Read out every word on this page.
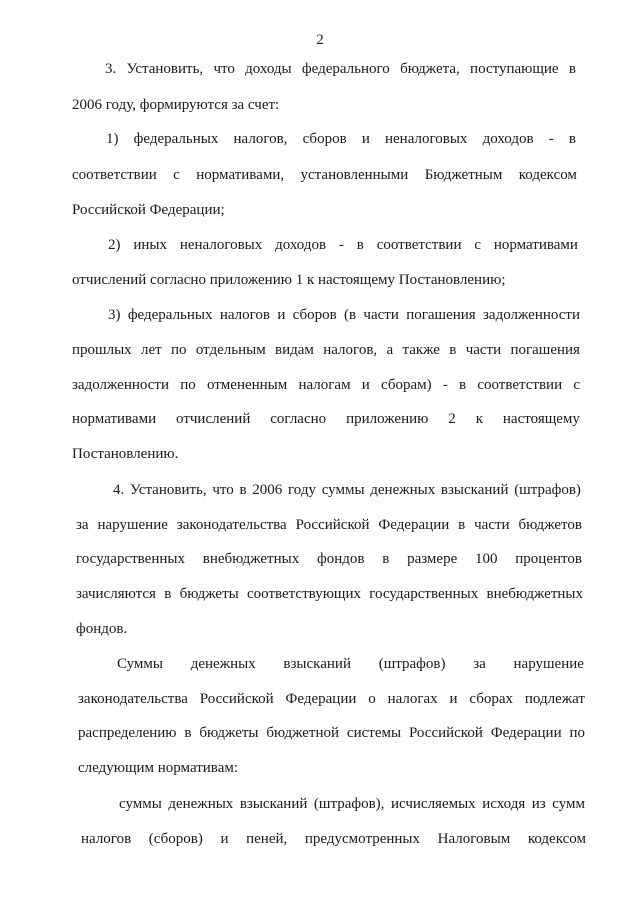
2
3. Установить, что доходы федерального бюджета, поступающие в
2006 году, формируются за счет:
1) федеральных налогов, сборов и неналоговых доходов - в
соответствии с нормативами, установленными Бюджетным кодексом
Российской Федерации;
2) иных неналоговых доходов - в соответствии с нормативами
отчислений согласно приложению 1 к настоящему Постановлению;
3) федеральных налогов и сборов (в части погашения задолженности
прошлых лет по отдельным видам налогов, а также в части погашения
задолженности по отмененным налогам и сборам) - в соответствии с
нормативами отчислений согласно приложению 2 к настоящему
Постановлению.
4. Установить, что в 2006 году суммы денежных взысканий (штрафов)
за нарушение законодательства Российской Федерации в части бюджетов
государственных внебюджетных фондов в размере 100 процентов
зачисляются в бюджеты соответствующих государственных внебюджетных
фондов.
Суммы денежных взысканий (штрафов) за нарушение
законодательства Российской Федерации о налогах и сборах подлежат
распределению в бюджеты бюджетной системы Российской Федерации по
следующим нормативам:
суммы денежных взысканий (штрафов), исчисляемых исходя из сумм
налогов (сборов) и пеней, предусмотренных Налоговым кодексом
